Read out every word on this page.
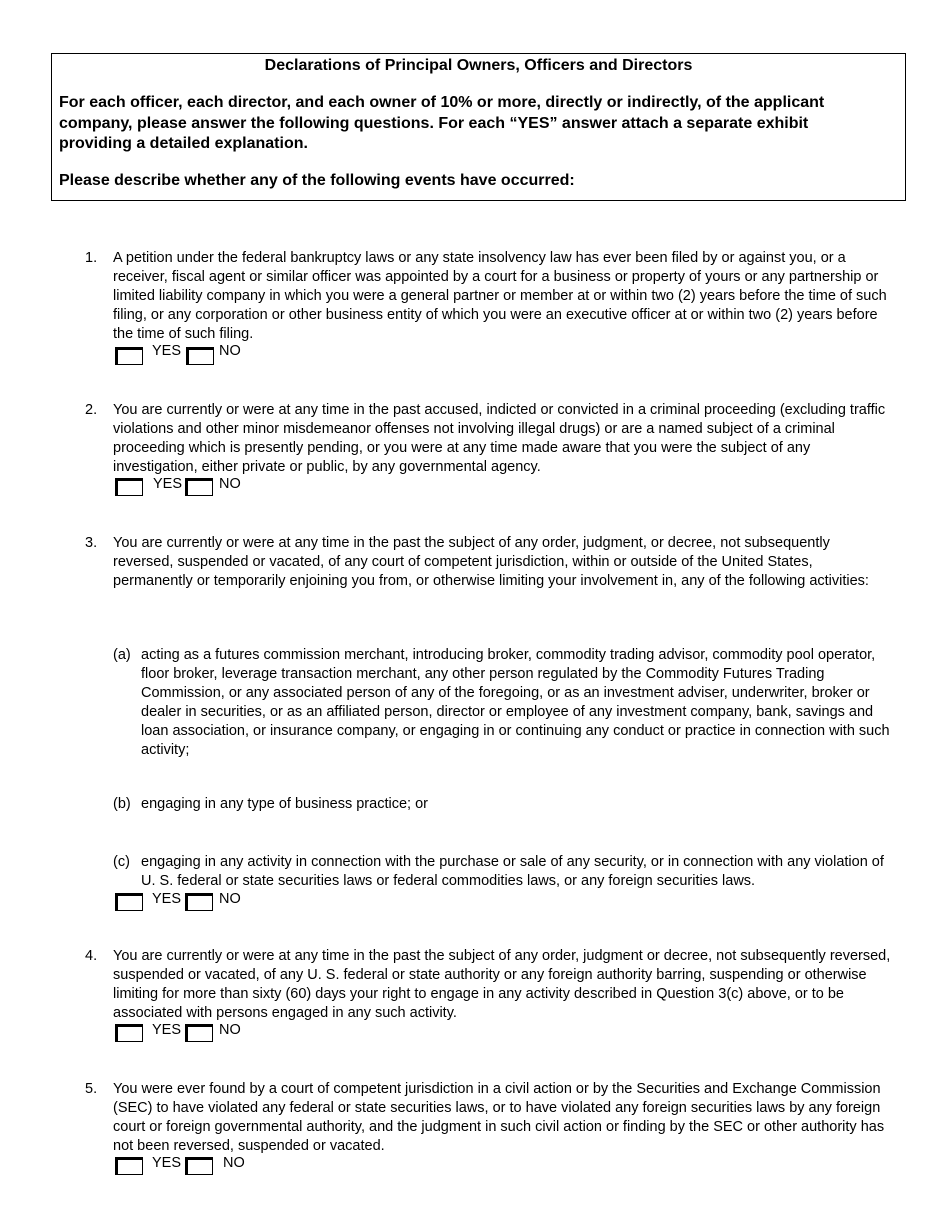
Declarations of Principal Owners, Officers and Directors
For each officer, each director, and each owner of 10% or more, directly or indirectly, of the applicant company, please answer the following questions. For each “YES” answer attach a separate exhibit providing a detailed explanation.
Please describe whether any of the following events have occurred:
1. A petition under the federal bankruptcy laws or any state insolvency law has ever been filed by or against you, or a receiver, fiscal agent or similar officer was appointed by a court for a business or property of yours or any partnership or limited liability company in which you were a general partner or member at or within two (2) years before the time of such filing, or any corporation or other business entity of which you were an executive officer at or within two (2) years before the time of such filing.
YES	NO
2. You are currently or were at any time in the past accused, indicted or convicted in a criminal proceeding (excluding traffic violations and other minor misdemeanor offenses not involving illegal drugs) or are a named subject of a criminal proceeding which is presently pending, or you were at any time made aware that you were the subject of any investigation, either private or public, by any governmental agency.
YES	NO
3. You are currently or were at any time in the past the subject of any order, judgment, or decree, not subsequently reversed, suspended or vacated, of any court of competent jurisdiction, within or outside of the United States, permanently or temporarily enjoining you from, or otherwise limiting your involvement in, any of the following activities:
(a) acting as a futures commission merchant, introducing broker, commodity trading advisor, commodity pool operator, floor broker, leverage transaction merchant, any other person regulated by the Commodity Futures Trading Commission, or any associated person of any of the foregoing, or as an investment adviser, underwriter, broker or dealer in securities, or as an affiliated person, director or employee of any investment company, bank, savings and loan association, or insurance company, or engaging in or continuing any conduct or practice in connection with such activity;
(b) engaging in any type of business practice; or
(c) engaging in any activity in connection with the purchase or sale of any security, or in connection with any violation of U. S. federal or state securities laws or federal commodities laws, or any foreign securities laws.
YES	NO
4. You are currently or were at any time in the past the subject of any order, judgment or decree, not subsequently reversed, suspended or vacated, of any U. S. federal or state authority or any foreign authority barring, suspending or otherwise limiting for more than sixty (60) days your right to engage in any activity described in Question 3(c) above, or to be associated with persons engaged in any such activity.
YES	NO
5. You were ever found by a court of competent jurisdiction in a civil action or by the Securities and Exchange Commission (SEC) to have violated any federal or state securities laws, or to have violated any foreign securities laws by any foreign court or foreign governmental authority, and the judgment in such civil action or finding by the SEC or other authority has not been reversed, suspended or vacated.
YES	NO
